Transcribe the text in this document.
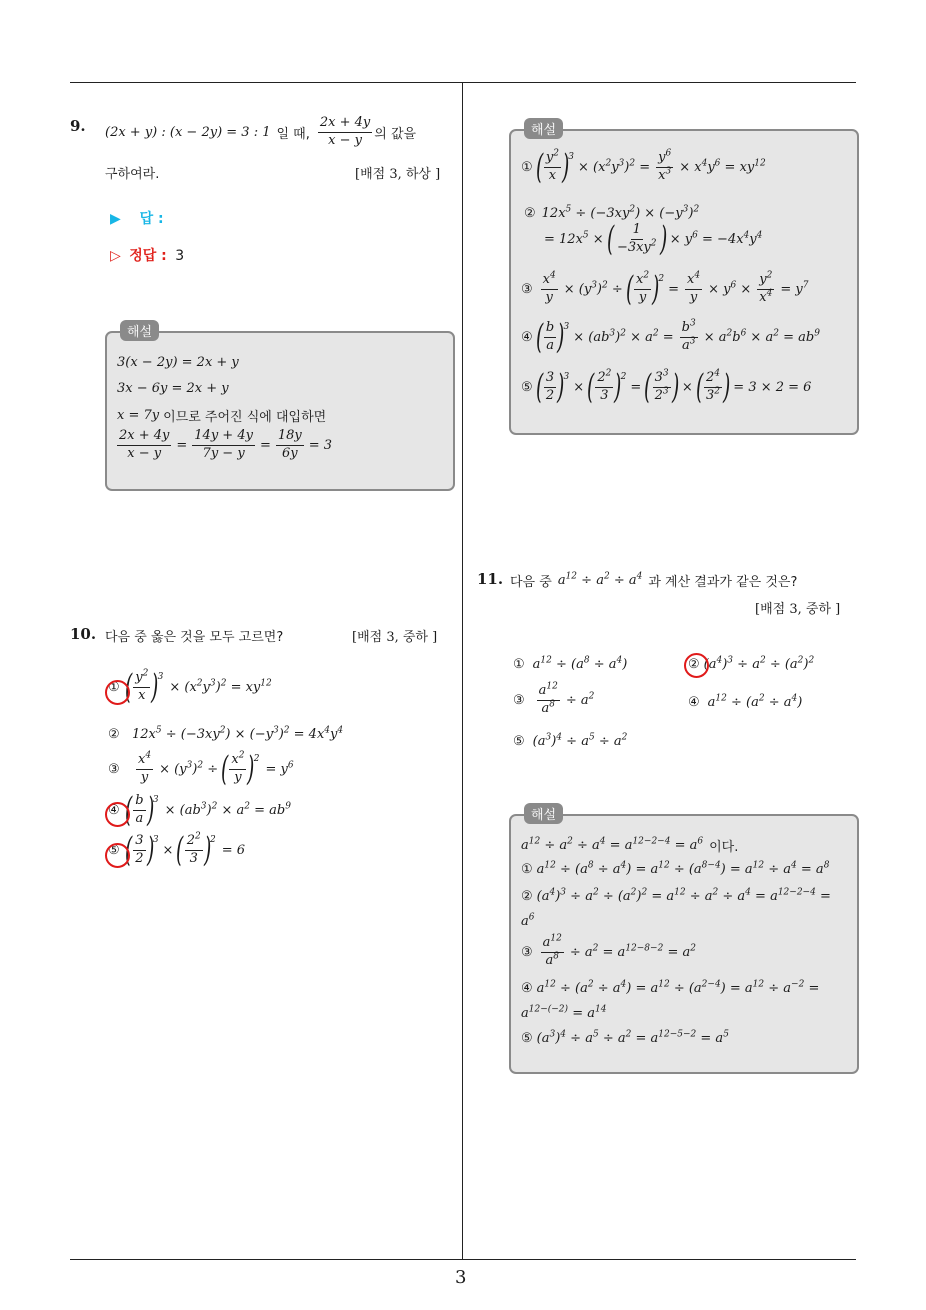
3
9. (2x + y) : (x − 2y) = 3 : 1 일 때, $\frac{2x + 4y}{x - y}$ 의 값을
구하여라.	[배점 3, 하상 ]
▶ 답 :
▷ 정답 : 3
해설
3(x − 2y) = 2x + y
3x − 6y = 2x + y
x = 7y 이므로 주어진 식에 대입하면
$\frac{2x + 4y}{x - y} = \frac{14y + 4y}{7y - y} = \frac{18y}{6y} = 3$
10. 다음 중 옳은 것을 모두 고르면?	[배점 3, 중하 ]
① ( $\frac{y^2}{x}$ )
$^3$
× $(x^2y^3)^2 = xy^{12}$
② $12x^5 \div (-3xy^2) \times (-y^3)^2 = 4x^4y^4$
③	$\frac{x^4}{y} \times (y^3)^2$ ÷ ( $\frac{x^2}{y}$ )
$^2$
= $y^6$
④ ( $\frac{b}{a}$ )
$^3$
× $(ab^3)^2 \times a^2 = ab^9$
⑤ ( $\frac{3}{2}$ )
$^3$
× ( $\frac{2^2}{3}$ )
$^2$
= 6
해설
① ( $\frac{y^2}{x}$ )
$^3$
× $(x^2y^3)^2 = \frac{y^6}{x^3} \times x^4y^6 = xy^{12}$
② $12x^5 \div (-3xy^2) \times (-y^3)^2$
= $12x^5$ × ( $\frac{1}{-3xy^2}$ ) × $y^6 = -4x^4y^4$
③ $\frac{x^4}{y} \times (y^3)^2$ ÷ ( $\frac{x^2}{y}$ )
$^2$
= $\frac{x^4}{y} \times y^6 \times \frac{y^2}{x^4} = y^7$
④ ( $\frac{b}{a}$ )
$^3$
× $(ab^3)^2 \times a^2 = \frac{b^3}{a^3} \times a^2b^6 \times a^2 = ab^9$
⑤ ( $\frac{3}{2}$ )
$^3$
× ( $\frac{2^2}{3}$ )
$^2$
= ( $\frac{3^3}{2^3}$ ) × ( $\frac{2^4}{3^2}$ ) = 3 × 2 = 6
11. 다음 중 $a^{12} \div a^2 \div a^4$ 과 계산 결과가 같은 것은?
[배점 3, 중하 ]
① $a^{12} \div (a^8 \div a^4)$	② $(a^4)^3 \div a^2 \div (a^2)^2$
③ $\frac{a^{12}}{a^8} \div a^2$	④ $a^{12} \div (a^2 \div a^4)$
⑤ $(a^3)^4 \div a^5 \div a^2$
해설
$a^{12} \div a^2 \div a^4 = a^{12-2-4} = a^6$ 이다.
① $a^{12} \div (a^8 \div a^4) = a^{12} \div (a^{8-4}) = a^{12} \div a^4 = a^8$
② $(a^4)^3 \div a^2 \div (a^2)^2 = a^{12} \div a^2 \div a^4 = a^{12-2-4}$ =
$a^6$
③ $\frac{a^{12}}{a^8} \div a^2 = a^{12-8-2} = a^2$
④ $a^{12} \div (a^2 \div a^4) = a^{12} \div (a^{2-4}) = a^{12} \div a^{-2}$ =
$a^{12-(-2)} = a^{14}$
⑤ $(a^3)^4 \div a^5 \div a^2 = a^{12-5-2} = a^5$
